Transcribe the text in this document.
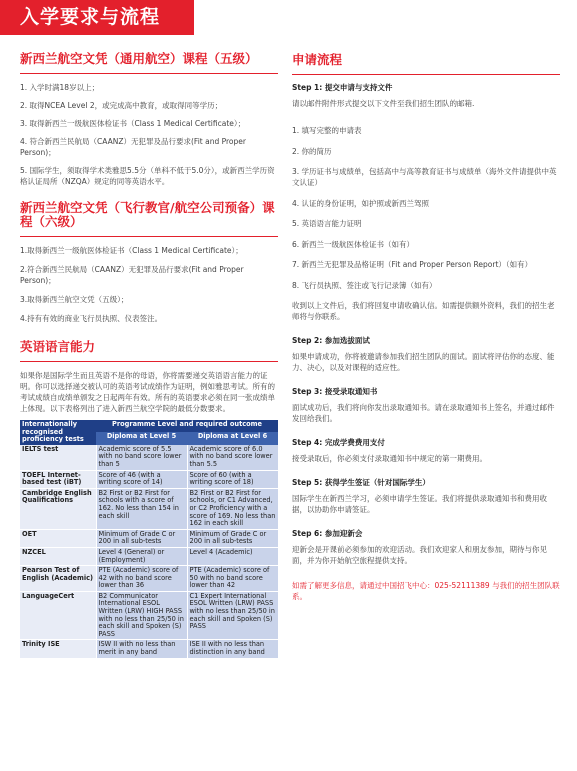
入学要求与流程
新西兰航空文凭（通用航空）课程（五级）
1. 入学时满18岁以上；
2. 取得NCEA Level 2，或完成高中教育，或取得同等学历；
3. 取得新西兰一级航医体检证书（Class 1 Medical Certificate）；
4. 符合新西兰民航局（CAANZ）无犯罪及品行要求(Fit and Proper Person)；
5. 国际学生，须取得学术类雅思5.5分（单科不低于5.0分），或新西兰学历资格认证局所（NZQA）规定的同等英语水平。
新西兰航空文凭（飞行教官/航空公司预备）课程（六级）
1.取得新西兰一级航医体检证书（Class 1 Medical Certificate）；
2.符合新西兰民航局（CAANZ）无犯罪及品行要求(Fit and Proper Person)；
3.取得新西兰航空文凭（五级）；
4.持有有效的商业飞行员执照、仪表签注。
英语语言能力

如果你是国际学生而且英语不是你的母语，你将需要递交英语语言能力的证明。你可以选择递交被认可的英语考试成绩作为证明，例如雅思考试。所有的考试成绩自成绩单颁发之日起两年有效。所有的英语要求必须在同一张成绩单上体现。以下表格列出了进入新西兰航空学院的最低分数要求。

Internationally recognised proficiency tests	Programme Level and required outcome	
	Diploma at Level 5	Diploma at Level 6
IELTS test	Academic score of 5.5 with no band score lower than 5	Academic score of 6.0 with no band score lower than 5.5
TOEFL Internet-based test (iBT)	Score of 46 (with a writing score of 14)	Score of 60 (with a writing score of 18)
Cambridge English Qualifications	B2 First or B2 First for schools with a score of 162. No less than 154 in each skill	B2 First or B2 First for schools, or C1 Advanced, or C2 Proficiency with a score of 169. No less than 162 in each skill
OET	Minimum of Grade C or 200 in all sub-tests	Minimum of Grade C or 200 in all sub-tests
NZCEL	Level 4 (General) or (Employment)	Level 4 (Academic)
Pearson Test of English (Academic)	PTE (Academic) score of 42 with no band score lower than 36	PTE (Academic) score of 50 with no band score lower than 42
LanguageCert	B2 Communicator International ESOL Written (LRW) HIGH PASS with no less than 25/50 in each skill and Spoken (S) PASS	C1 Expert International ESOL Written (LRW) PASS with no less than 25/50 in each skill and Spoken (S) PASS
Trinity ISE	ISW II with no less than merit in any band	ISE II with no less than distinction in any band
申请流程
Step 1: 提交申请与支持文件

请以邮件附件形式提交以下文件至我们招生团队的邮箱.

1. 填写完整的申请表
2. 你的简历
3. 学历证书与成绩单，包括高中与高等教育证书与成绩单（海外文件请提供中英文认证）
4. 认证的身份证明，如护照或新西兰驾照
5. 英语语言能力证明
6. 新西兰一级航医体检证书（如有）
7. 新西兰无犯罪及品格证明（Fit and Proper Person Report）（如有）
8. 飞行员执照、签注或飞行记录簿（如有）

收到以上文件后，我们将回复申请收确认信。如需提供额外资料，我们的招生老师将与你联系。

Step 2: 参加选拔面试

如果申请成功，你将被邀请参加我们招生团队的面试。面试将评估你的态度、能力、决心，以及对课程的适应性。

Step 3: 接受录取通知书

面试成功后，我们将向你发出录取通知书。请在录取通知书上签名，并通过邮件发回给我们。

Step 4: 完成学费费用支付

接受录取后，你必须支付录取通知书中规定的第一期费用。

Step 5: 获得学生签证（针对国际学生）

国际学生在新西兰学习，必须申请学生签证。我们将提供录取通知书和费用收据，以协助你申请签证。

Step 6: 参加迎新会

迎新会是开课前必须参加的欢迎活动。我们欢迎家人和朋友参加，期待与你见面，并为你开始航空旅程提供支持。

如需了解更多信息，请通过中国招飞中心：025-52111389 与我们的招生团队联系。
